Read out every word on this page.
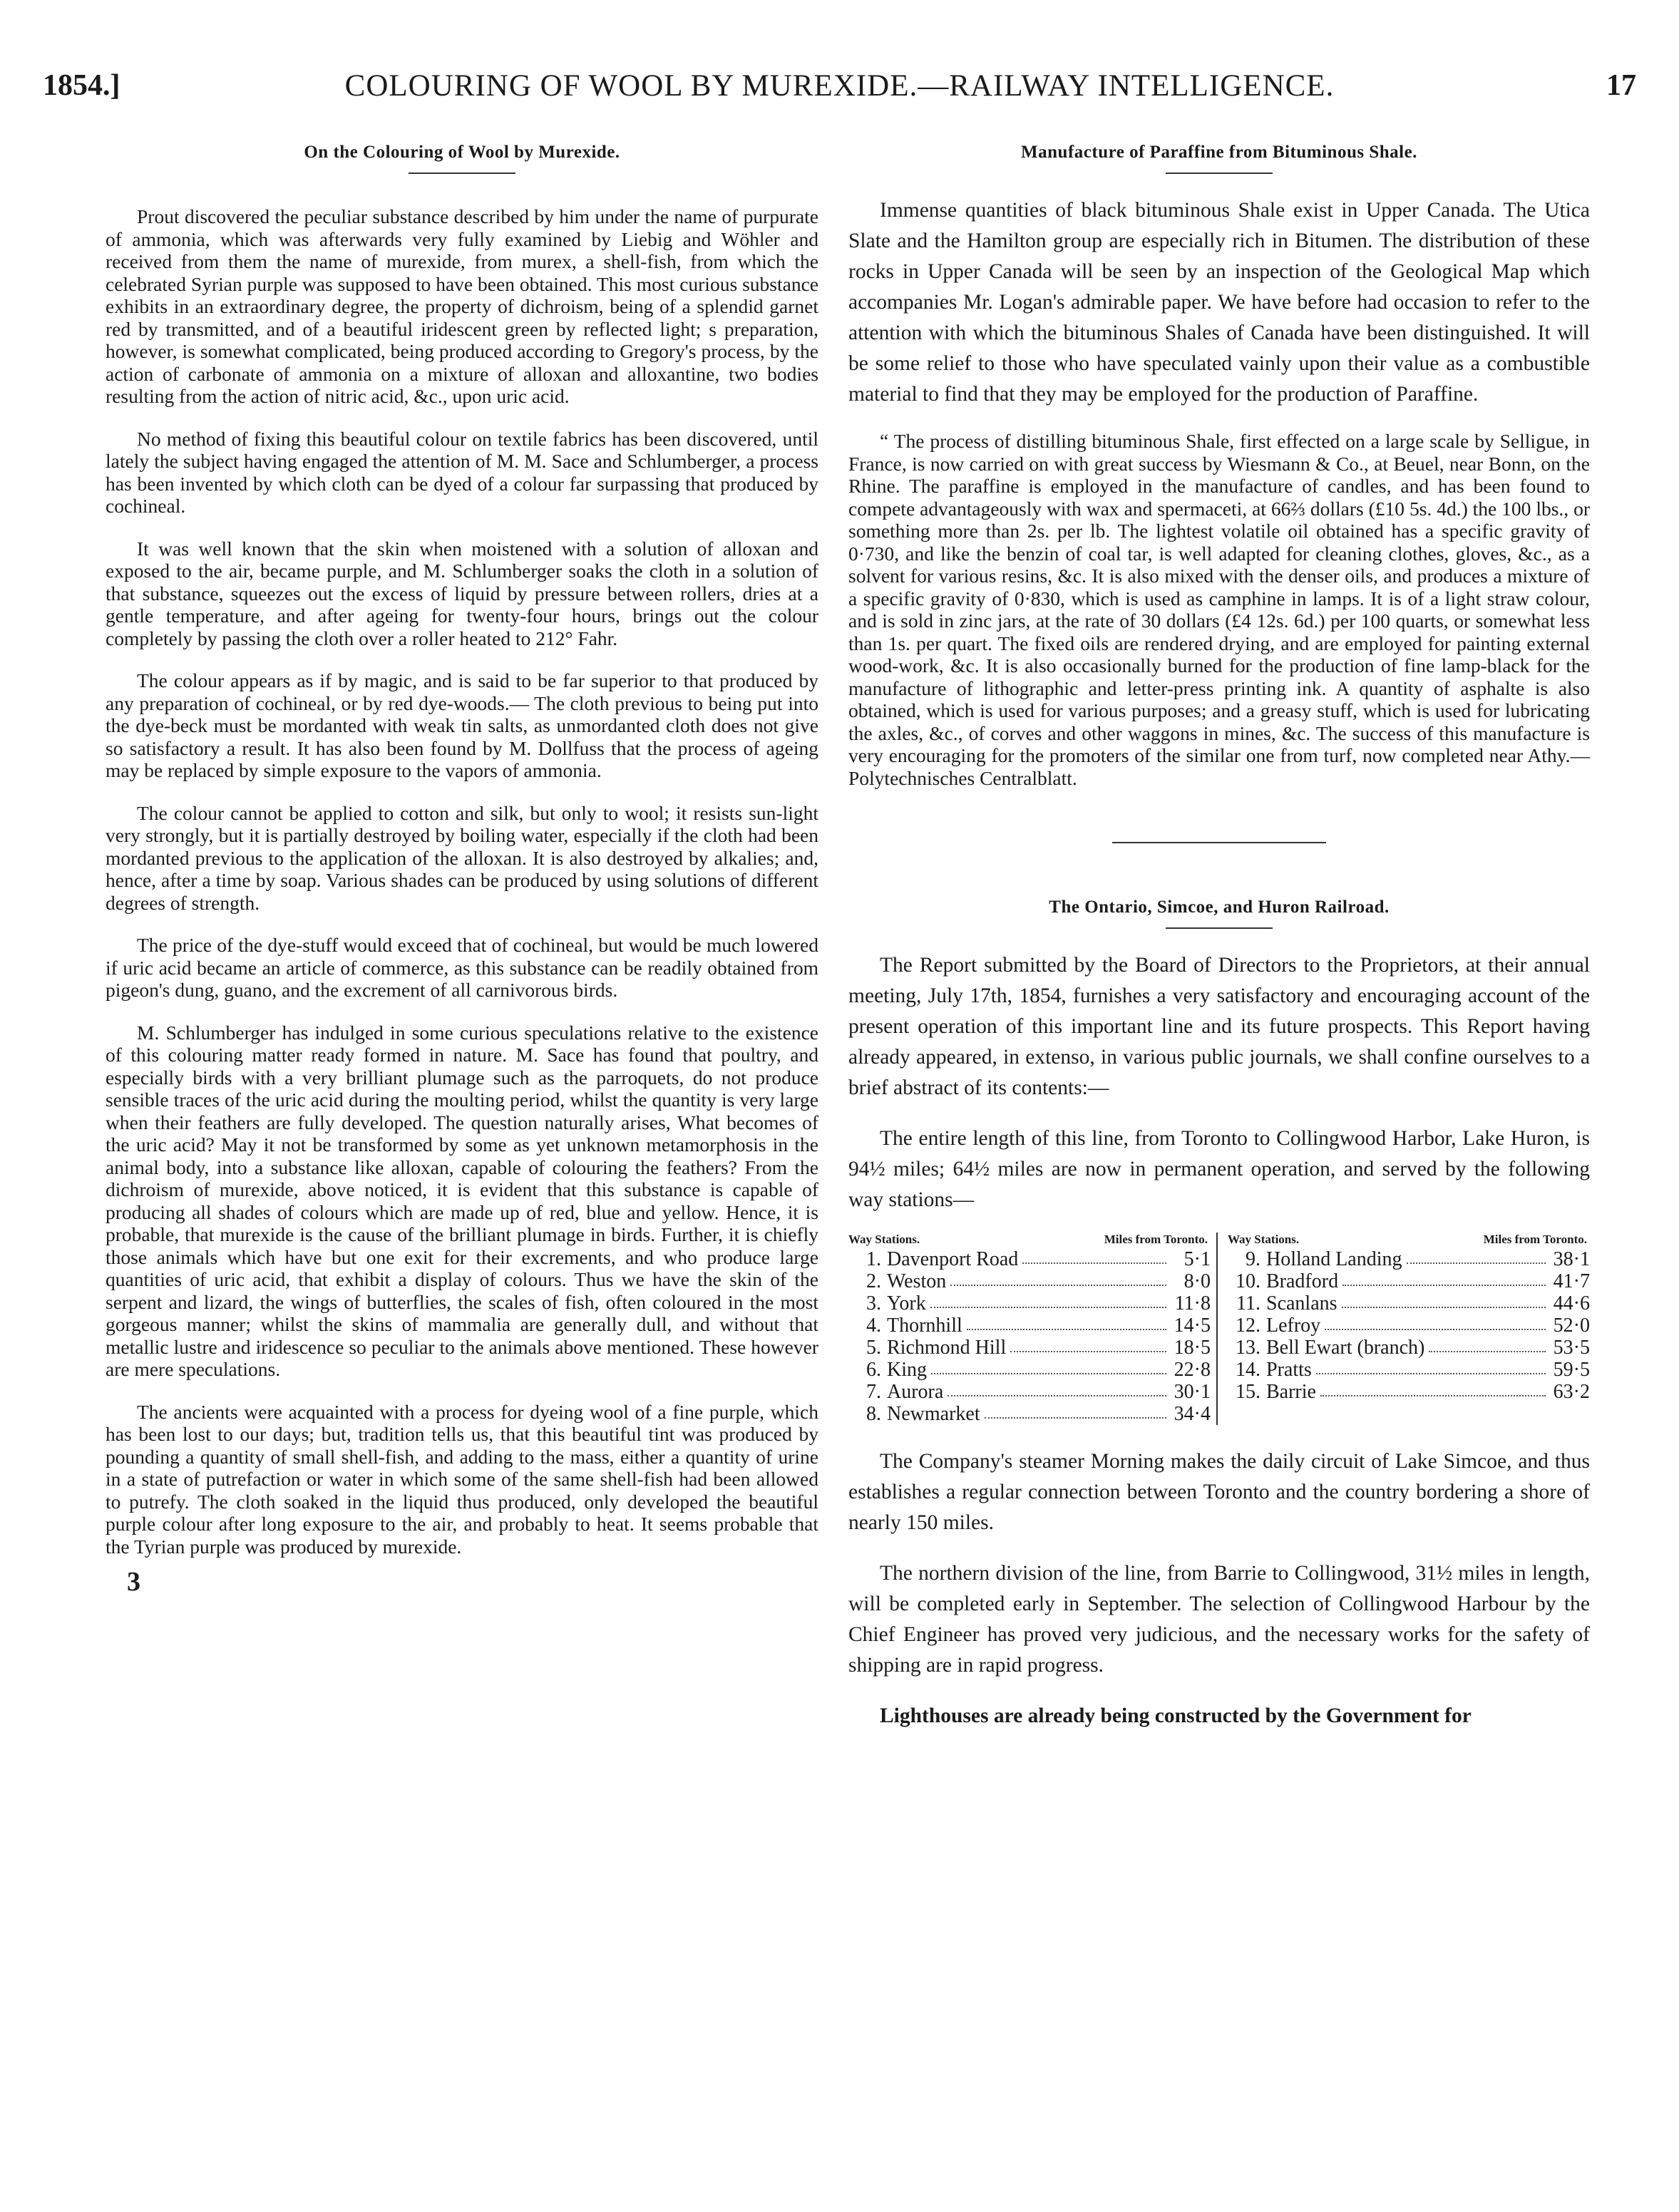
1854.]	COLOURING OF WOOL BY MUREXIDE.—RAILWAY INTELLIGENCE.	17
On the Colouring of Wool by Murexide.

Prout discovered the peculiar substance described by him under the name of purpurate of ammonia, which was afterwards very fully examined by Liebig and Wöhler and received from them the name of murexide, from murex, a shell-fish, from which the celebrated Syrian purple was supposed to have been obtained. This most curious substance exhibits in an extraordinary degree, the property of dichroism, being of a splendid garnet red by transmitted, and of a beautiful iridescent green by reflected light; s preparation, however, is somewhat complicated, being produced according to Gregory's process, by the action of carbonate of ammonia on a mixture of alloxan and alloxantine, two bodies resulting from the action of nitric acid, &c., upon uric acid.

No method of fixing this beautiful colour on textile fabrics has been discovered, until lately the subject having engaged the attention of M. M. Sace and Schlumberger, a process has been invented by which cloth can be dyed of a colour far surpassing that produced by cochineal.

It was well known that the skin when moistened with a solution of alloxan and exposed to the air, became purple, and M. Schlumberger soaks the cloth in a solution of that substance, squeezes out the excess of liquid by pressure between rollers, dries at a gentle temperature, and after ageing for twenty-four hours, brings out the colour completely by passing the cloth over a roller heated to 212° Fahr.

The colour appears as if by magic, and is said to be far superior to that produced by any preparation of cochineal, or by red dye-woods.— The cloth previous to being put into the dye-beck must be mordanted with weak tin salts, as unmordanted cloth does not give so satisfactory a result. It has also been found by M. Dollfuss that the process of ageing may be replaced by simple exposure to the vapors of ammonia.

The colour cannot be applied to cotton and silk, but only to wool; it resists sun-light very strongly, but it is partially destroyed by boiling water, especially if the cloth had been mordanted previous to the application of the alloxan. It is also destroyed by alkalies; and, hence, after a time by soap. Various shades can be produced by using solutions of different degrees of strength.

The price of the dye-stuff would exceed that of cochineal, but would be much lowered if uric acid became an article of commerce, as this substance can be readily obtained from pigeon's dung, guano, and the excrement of all carnivorous birds.

M. Schlumberger has indulged in some curious speculations relative to the existence of this colouring matter ready formed in nature. M. Sace has found that poultry, and especially birds with a very brilliant plumage such as the parroquets, do not produce sensible traces of the uric acid during the moulting period, whilst the quantity is very large when their feathers are fully developed. The question naturally arises, What becomes of the uric acid? May it not be transformed by some as yet unknown metamorphosis in the animal body, into a substance like alloxan, capable of colouring the feathers? From the dichroism of murexide, above noticed, it is evident that this substance is capable of producing all shades of colours which are made up of red, blue and yellow. Hence, it is probable, that murexide is the cause of the brilliant plumage in birds. Further, it is chiefly those animals which have but one exit for their excrements, and who produce large quantities of uric acid, that exhibit a display of colours. Thus we have the skin of the serpent and lizard, the wings of butterflies, the scales of fish, often coloured in the most gorgeous manner; whilst the skins of mammalia are generally dull, and without that metallic lustre and iridescence so peculiar to the animals above mentioned. These however are mere speculations.

The ancients were acquainted with a process for dyeing wool of a fine purple, which has been lost to our days; but, tradition tells us, that this beautiful tint was produced by pounding a quantity of small shell-fish, and adding to the mass, either a quantity of urine in a state of putrefaction or water in which some of the same shell-fish had been allowed to putrefy. The cloth soaked in the liquid thus produced, only developed the beautiful purple colour after long exposure to the air, and probably to heat. It seems probable that the Tyrian purple was produced by murexide.

3
Manufacture of Paraffine from Bituminous Shale.

Immense quantities of black bituminous Shale exist in Upper Canada. The Utica Slate and the Hamilton group are especially rich in Bitumen. The distribution of these rocks in Upper Canada will be seen by an inspection of the Geological Map which accompanies Mr. Logan's admirable paper. We have before had occasion to refer to the attention with which the bituminous Shales of Canada have been distinguished. It will be some relief to those who have speculated vainly upon their value as a combustible material to find that they may be employed for the production of Paraffine.

“ The process of distilling bituminous Shale, first effected on a large scale by Selligue, in France, is now carried on with great success by Wiesmann & Co., at Beuel, near Bonn, on the Rhine. The paraffine is employed in the manufacture of candles, and has been found to compete advantageously with wax and spermaceti, at 66⅔ dollars (£10 5s. 4d.) the 100 lbs., or something more than 2s. per lb. The lightest volatile oil obtained has a specific gravity of 0·730, and like the benzin of coal tar, is well adapted for cleaning clothes, gloves, &c., as a solvent for various resins, &c. It is also mixed with the denser oils, and produces a mixture of a specific gravity of 0·830, which is used as camphine in lamps. It is of a light straw colour, and is sold in zinc jars, at the rate of 30 dollars (£4 12s. 6d.) per 100 quarts, or somewhat less than 1s. per quart. The fixed oils are rendered drying, and are employed for painting external wood-work, &c. It is also occasionally burned for the production of fine lamp-black for the manufacture of lithographic and letter-press printing ink. A quantity of asphalte is also obtained, which is used for various purposes; and a greasy stuff, which is used for lubricating the axles, &c., of corves and other waggons in mines, &c. The success of this manufacture is very encouraging for the promoters of the similar one from turf, now completed near Athy.—Polytechnisches Centralblatt.

The Ontario, Simcoe, and Huron Railroad.

The Report submitted by the Board of Directors to the Proprietors, at their annual meeting, July 17th, 1854, furnishes a very satisfactory and encouraging account of the present operation of this important line and its future prospects. This Report having already appeared, in extenso, in various public journals, we shall confine ourselves to a brief abstract of its contents:—

The entire length of this line, from Toronto to Collingwood Harbor, Lake Huron, is 94½ miles; 64½ miles are now in permanent operation, and served by the following way stations—

Way Stations.	Miles from Toronto.
1. Davenport Road	5·1
2. Weston	8·0
3. York	11·8
4. Thornhill	14·5
5. Richmond Hill	18·5
6. King	22·8
7. Aurora	30·1
8. Newmarket	34·4
Way Stations.	Miles from Toronto.
9. Holland Landing	38·1
10. Bradford	41·7
11. Scanlans	44·6
12. Lefroy	52·0
13. Bell Ewart (branch)	53·5
14. Pratts	59·5
15. Barrie	63·2

The Company's steamer Morning makes the daily circuit of Lake Simcoe, and thus establishes a regular connection between Toronto and the country bordering a shore of nearly 150 miles.

The northern division of the line, from Barrie to Collingwood, 31½ miles in length, will be completed early in September. The selection of Collingwood Harbour by the Chief Engineer has proved very judicious, and the necessary works for the safety of shipping are in rapid progress.

Lighthouses are already being constructed by the Government for
